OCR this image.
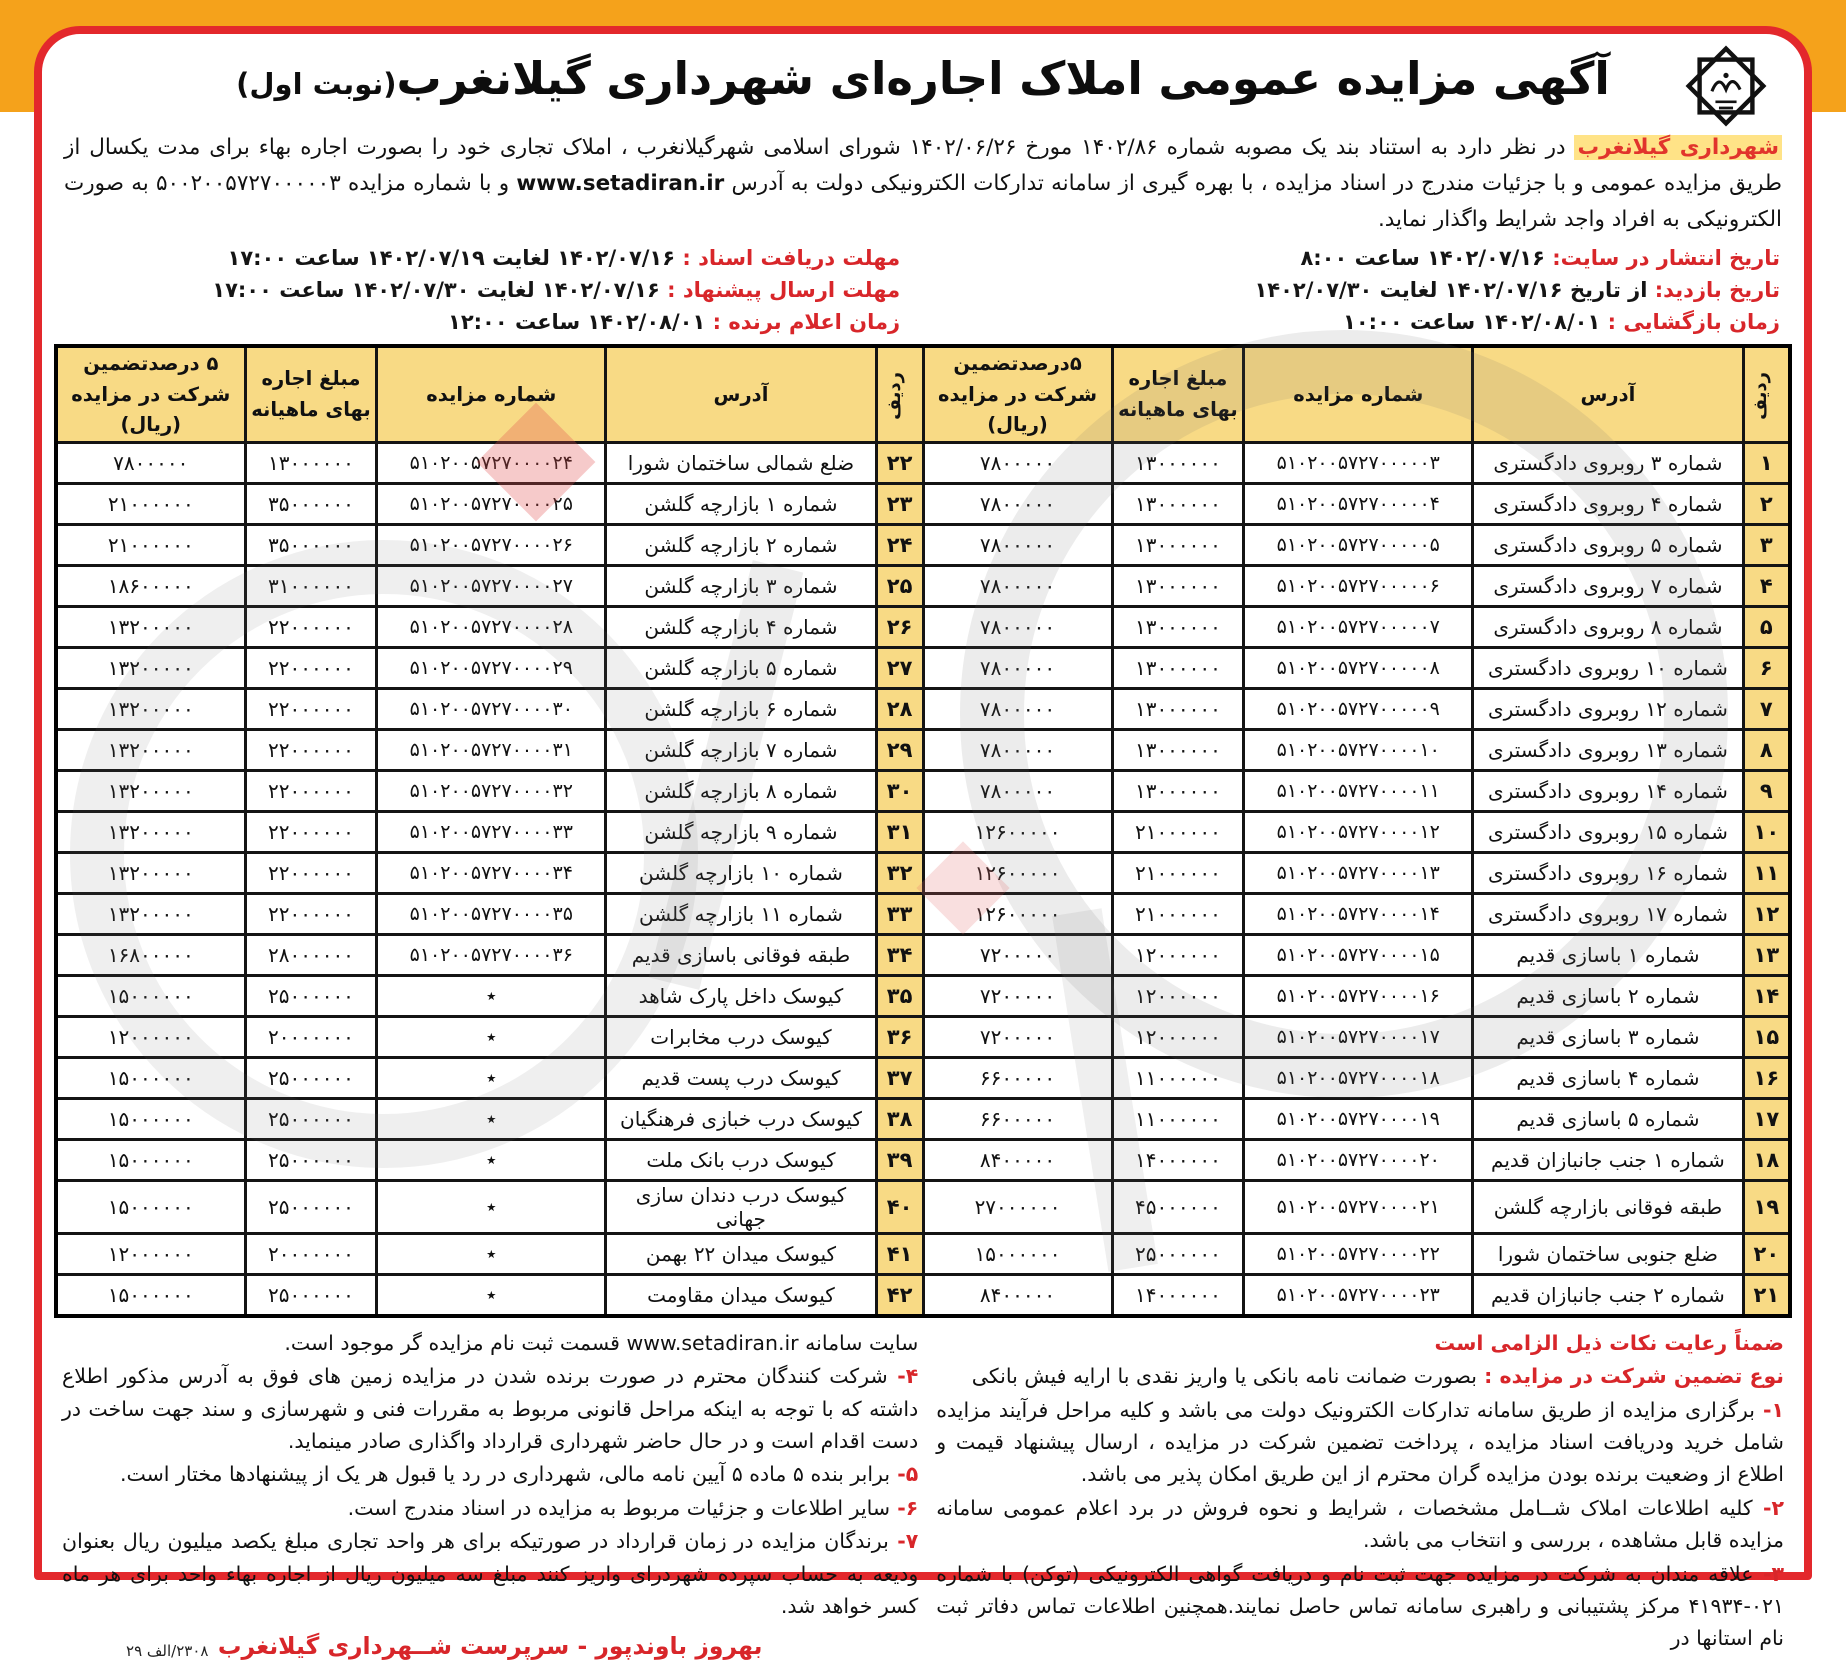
آگهی مزایده عمومی املاک اجاره‌ای شهرداری گیلانغرب(نوبت اول)

شهرداری گیلانغرب در نظر دارد به استناد بند یک مصوبه شماره ۱۴۰۲/۸۶ مورخ ۱۴۰۲/۰۶/۲۶ شورای اسلامی شهرگیلانغرب ، املاک تجاری خود را بصورت اجاره بهاء برای مدت یکسال از طریق مزایده عمومی و با جزئیات مندرج در اسناد مزایده ، با بهره گیری از سامانه تدارکات الکترونیکی دولت به آدرس www.setadiran.ir و با شماره مزایده ۵۰۰۲۰۰۵۷۲۷۰۰۰۰۰۳ به صورت الکترونیکی به افراد واجد شرایط واگذار نماید.

تاریخ انتشار در سایت: ۱۴۰۲/۰۷/۱۶ ساعت ۸:۰۰
مهلت دریافت اسناد : ۱۴۰۲/۰۷/۱۶ لغایت ۱۴۰۲/۰۷/۱۹ ساعت ۱۷:۰۰
تاریخ بازدید: از تاریخ ۱۴۰۲/۰۷/۱۶ لغایت ۱۴۰۲/۰۷/۳۰
مهلت ارسال پیشنهاد : ۱۴۰۲/۰۷/۱۶ لغایت ۱۴۰۲/۰۷/۳۰ ساعت ۱۷:۰۰
زمان بازگشایی : ۱۴۰۲/۰۸/۰۱ ساعت ۱۰:۰۰
زمان اعلام برنده : ۱۴۰۲/۰۸/۰۱ ساعت ۱۲:۰۰
ردیف	آدرس	شماره مزایده	مبلغ اجاره بهای ماهیانه	۵درصدتضمین شرکت در مزایده (ریال)	ردیف	آدرس	شماره مزایده	مبلغ اجاره بهای ماهیانه	۵ درصدتضمین شرکت در مزایده (ریال)
۱	شماره ۳ روبروی دادگستری	۵۱۰۲۰۰۵۷۲۷۰۰۰۰۰۳	۱۳۰۰۰۰۰۰	۷۸۰۰۰۰۰	۲۲	ضلع شمالی ساختمان شورا	۵۱۰۲۰۰۵۷۲۷۰۰۰۰۲۴	۱۳۰۰۰۰۰۰	۷۸۰۰۰۰۰
۲	شماره ۴ روبروی دادگستری	۵۱۰۲۰۰۵۷۲۷۰۰۰۰۰۴	۱۳۰۰۰۰۰۰	۷۸۰۰۰۰۰	۲۳	شماره ۱ بازارچه گلشن	۵۱۰۲۰۰۵۷۲۷۰۰۰۰۲۵	۳۵۰۰۰۰۰۰	۲۱۰۰۰۰۰۰
۳	شماره ۵ روبروی دادگستری	۵۱۰۲۰۰۵۷۲۷۰۰۰۰۰۵	۱۳۰۰۰۰۰۰	۷۸۰۰۰۰۰	۲۴	شماره ۲ بازارچه گلشن	۵۱۰۲۰۰۵۷۲۷۰۰۰۰۲۶	۳۵۰۰۰۰۰۰	۲۱۰۰۰۰۰۰
۴	شماره ۷ روبروی دادگستری	۵۱۰۲۰۰۵۷۲۷۰۰۰۰۰۶	۱۳۰۰۰۰۰۰	۷۸۰۰۰۰۰	۲۵	شماره ۳ بازارچه گلشن	۵۱۰۲۰۰۵۷۲۷۰۰۰۰۲۷	۳۱۰۰۰۰۰۰	۱۸۶۰۰۰۰۰
۵	شماره ۸ روبروی دادگستری	۵۱۰۲۰۰۵۷۲۷۰۰۰۰۰۷	۱۳۰۰۰۰۰۰	۷۸۰۰۰۰۰	۲۶	شماره ۴ بازارچه گلشن	۵۱۰۲۰۰۵۷۲۷۰۰۰۰۲۸	۲۲۰۰۰۰۰۰	۱۳۲۰۰۰۰۰
۶	شماره ۱۰ روبروی دادگستری	۵۱۰۲۰۰۵۷۲۷۰۰۰۰۰۸	۱۳۰۰۰۰۰۰	۷۸۰۰۰۰۰	۲۷	شماره ۵ بازارچه گلشن	۵۱۰۲۰۰۵۷۲۷۰۰۰۰۲۹	۲۲۰۰۰۰۰۰	۱۳۲۰۰۰۰۰
۷	شماره ۱۲ روبروی دادگستری	۵۱۰۲۰۰۵۷۲۷۰۰۰۰۰۹	۱۳۰۰۰۰۰۰	۷۸۰۰۰۰۰	۲۸	شماره ۶ بازارچه گلشن	۵۱۰۲۰۰۵۷۲۷۰۰۰۰۳۰	۲۲۰۰۰۰۰۰	۱۳۲۰۰۰۰۰
۸	شماره ۱۳ روبروی دادگستری	۵۱۰۲۰۰۵۷۲۷۰۰۰۰۱۰	۱۳۰۰۰۰۰۰	۷۸۰۰۰۰۰	۲۹	شماره ۷ بازارچه گلشن	۵۱۰۲۰۰۵۷۲۷۰۰۰۰۳۱	۲۲۰۰۰۰۰۰	۱۳۲۰۰۰۰۰
۹	شماره ۱۴ روبروی دادگستری	۵۱۰۲۰۰۵۷۲۷۰۰۰۰۱۱	۱۳۰۰۰۰۰۰	۷۸۰۰۰۰۰	۳۰	شماره ۸ بازارچه گلشن	۵۱۰۲۰۰۵۷۲۷۰۰۰۰۳۲	۲۲۰۰۰۰۰۰	۱۳۲۰۰۰۰۰
۱۰	شماره ۱۵ روبروی دادگستری	۵۱۰۲۰۰۵۷۲۷۰۰۰۰۱۲	۲۱۰۰۰۰۰۰	۱۲۶۰۰۰۰۰	۳۱	شماره ۹ بازارچه گلشن	۵۱۰۲۰۰۵۷۲۷۰۰۰۰۳۳	۲۲۰۰۰۰۰۰	۱۳۲۰۰۰۰۰
۱۱	شماره ۱۶ روبروی دادگستری	۵۱۰۲۰۰۵۷۲۷۰۰۰۰۱۳	۲۱۰۰۰۰۰۰	۱۲۶۰۰۰۰۰	۳۲	شماره ۱۰ بازارچه گلشن	۵۱۰۲۰۰۵۷۲۷۰۰۰۰۳۴	۲۲۰۰۰۰۰۰	۱۳۲۰۰۰۰۰
۱۲	شماره ۱۷ روبروی دادگستری	۵۱۰۲۰۰۵۷۲۷۰۰۰۰۱۴	۲۱۰۰۰۰۰۰	۱۲۶۰۰۰۰۰	۳۳	شماره ۱۱ بازارچه گلشن	۵۱۰۲۰۰۵۷۲۷۰۰۰۰۳۵	۲۲۰۰۰۰۰۰	۱۳۲۰۰۰۰۰
۱۳	شماره ۱ باسازی قدیم	۵۱۰۲۰۰۵۷۲۷۰۰۰۰۱۵	۱۲۰۰۰۰۰۰	۷۲۰۰۰۰۰	۳۴	طبقه فوقانی باسازی قدیم	۵۱۰۲۰۰۵۷۲۷۰۰۰۰۳۶	۲۸۰۰۰۰۰۰	۱۶۸۰۰۰۰۰
۱۴	شماره ۲ باسازی قدیم	۵۱۰۲۰۰۵۷۲۷۰۰۰۰۱۶	۱۲۰۰۰۰۰۰	۷۲۰۰۰۰۰	۳۵	کیوسک داخل پارک شاهد	٭	۲۵۰۰۰۰۰۰	۱۵۰۰۰۰۰۰
۱۵	شماره ۳ باسازی قدیم	۵۱۰۲۰۰۵۷۲۷۰۰۰۰۱۷	۱۲۰۰۰۰۰۰	۷۲۰۰۰۰۰	۳۶	کیوسک درب مخابرات	٭	۲۰۰۰۰۰۰۰	۱۲۰۰۰۰۰۰
۱۶	شماره ۴ باسازی قدیم	۵۱۰۲۰۰۵۷۲۷۰۰۰۰۱۸	۱۱۰۰۰۰۰۰	۶۶۰۰۰۰۰	۳۷	کیوسک درب پست قدیم	٭	۲۵۰۰۰۰۰۰	۱۵۰۰۰۰۰۰
۱۷	شماره ۵ باسازی قدیم	۵۱۰۲۰۰۵۷۲۷۰۰۰۰۱۹	۱۱۰۰۰۰۰۰	۶۶۰۰۰۰۰	۳۸	کیوسک درب خبازی فرهنگیان	٭	۲۵۰۰۰۰۰۰	۱۵۰۰۰۰۰۰
۱۸	شماره ۱ جنب جانبازان قدیم	۵۱۰۲۰۰۵۷۲۷۰۰۰۰۲۰	۱۴۰۰۰۰۰۰	۸۴۰۰۰۰۰	۳۹	کیوسک درب بانک ملت	٭	۲۵۰۰۰۰۰۰	۱۵۰۰۰۰۰۰
۱۹	طبقه فوقانی بازارچه گلشن	۵۱۰۲۰۰۵۷۲۷۰۰۰۰۲۱	۴۵۰۰۰۰۰۰	۲۷۰۰۰۰۰۰	۴۰	کیوسک درب دندان سازی جهانی	٭	۲۵۰۰۰۰۰۰	۱۵۰۰۰۰۰۰
۲۰	ضلع جنوبی ساختمان شورا	۵۱۰۲۰۰۵۷۲۷۰۰۰۰۲۲	۲۵۰۰۰۰۰۰	۱۵۰۰۰۰۰۰	۴۱	کیوسک میدان ۲۲ بهمن	٭	۲۰۰۰۰۰۰۰	۱۲۰۰۰۰۰۰
۲۱	شماره ۲ جنب جانبازان قدیم	۵۱۰۲۰۰۵۷۲۷۰۰۰۰۲۳	۱۴۰۰۰۰۰۰	۸۴۰۰۰۰۰	۴۲	کیوسک میدان مقاومت	٭	۲۵۰۰۰۰۰۰	۱۵۰۰۰۰۰۰

ضمناً رعایت نکات ذیل الزامی است

نوع تضمین شرکت در مزایده : بصورت ضمانت نامه بانکی یا واریز نقدی با ارایه فیش بانکی

۱- برگزاری مزایده از طریق سامانه تدارکات الکترونیک دولت می باشد و کلیه مراحل فرآیند مزایده شامل خرید ودریافت اسناد مزایده ، پرداخت تضمین شرکت در مزایده ، ارسال پیشنهاد قیمت و اطلاع از وضعیت برنده بودن مزایده گران محترم از این طریق امکان پذیر می باشد.

۲- کلیه اطلاعات املاک شــامل مشخصات ، شرایط و نحوه فروش در برد اعلام عمومی سامانه مزایده قابل مشاهده ، بررسی و انتخاب می باشد.

۳- علاقه مندان به شرکت در مزایده جهت ثبت نام و دریافت گواهی الکترونیکی (توکن) با شماره ۰۲۱-۴۱۹۳۴ مرکز پشتیبانی و راهبری سامانه تماس حاصل نمایند.همچنین اطلاعات تماس دفاتر ثبت نام استانها در

سایت سامانه www.setadiran.ir قسمت ثبت نام مزایده گر موجود است.

۴- شرکت کنندگان محترم در صورت برنده شدن در مزایده زمین های فوق به آدرس مذکور اطلاع داشته که با توجه به اینکه مراحل قانونی مربوط به مقررات فنی و شهرسازی و سند جهت ساخت در دست اقدام است و در حال حاضر شهرداری قرارداد واگذاری صادر مینماید.

۵- برابر بنده ۵ ماده ۵ آیین نامه مالی، شهرداری در رد یا قبول هر یک از پیشنهادها مختار است.

۶- سایر اطلاعات و جزئیات مربوط به مزایده در اسناد مندرج است.

۷- برندگان مزایده در زمان قرارداد در صورتیکه برای هر واحد تجاری مبلغ یکصد میلیون ریال بعنوان ودیعه به حساب سپرده شهردرای واریز کنند مبلغ سه میلیون ریال از اجاره بهاء واحد برای هر ماه کسر خواهد شد.

بهروز باوندپور - سرپرست شــهرداری گیلانغرب
۲۳۰۸/الف ۲۹
